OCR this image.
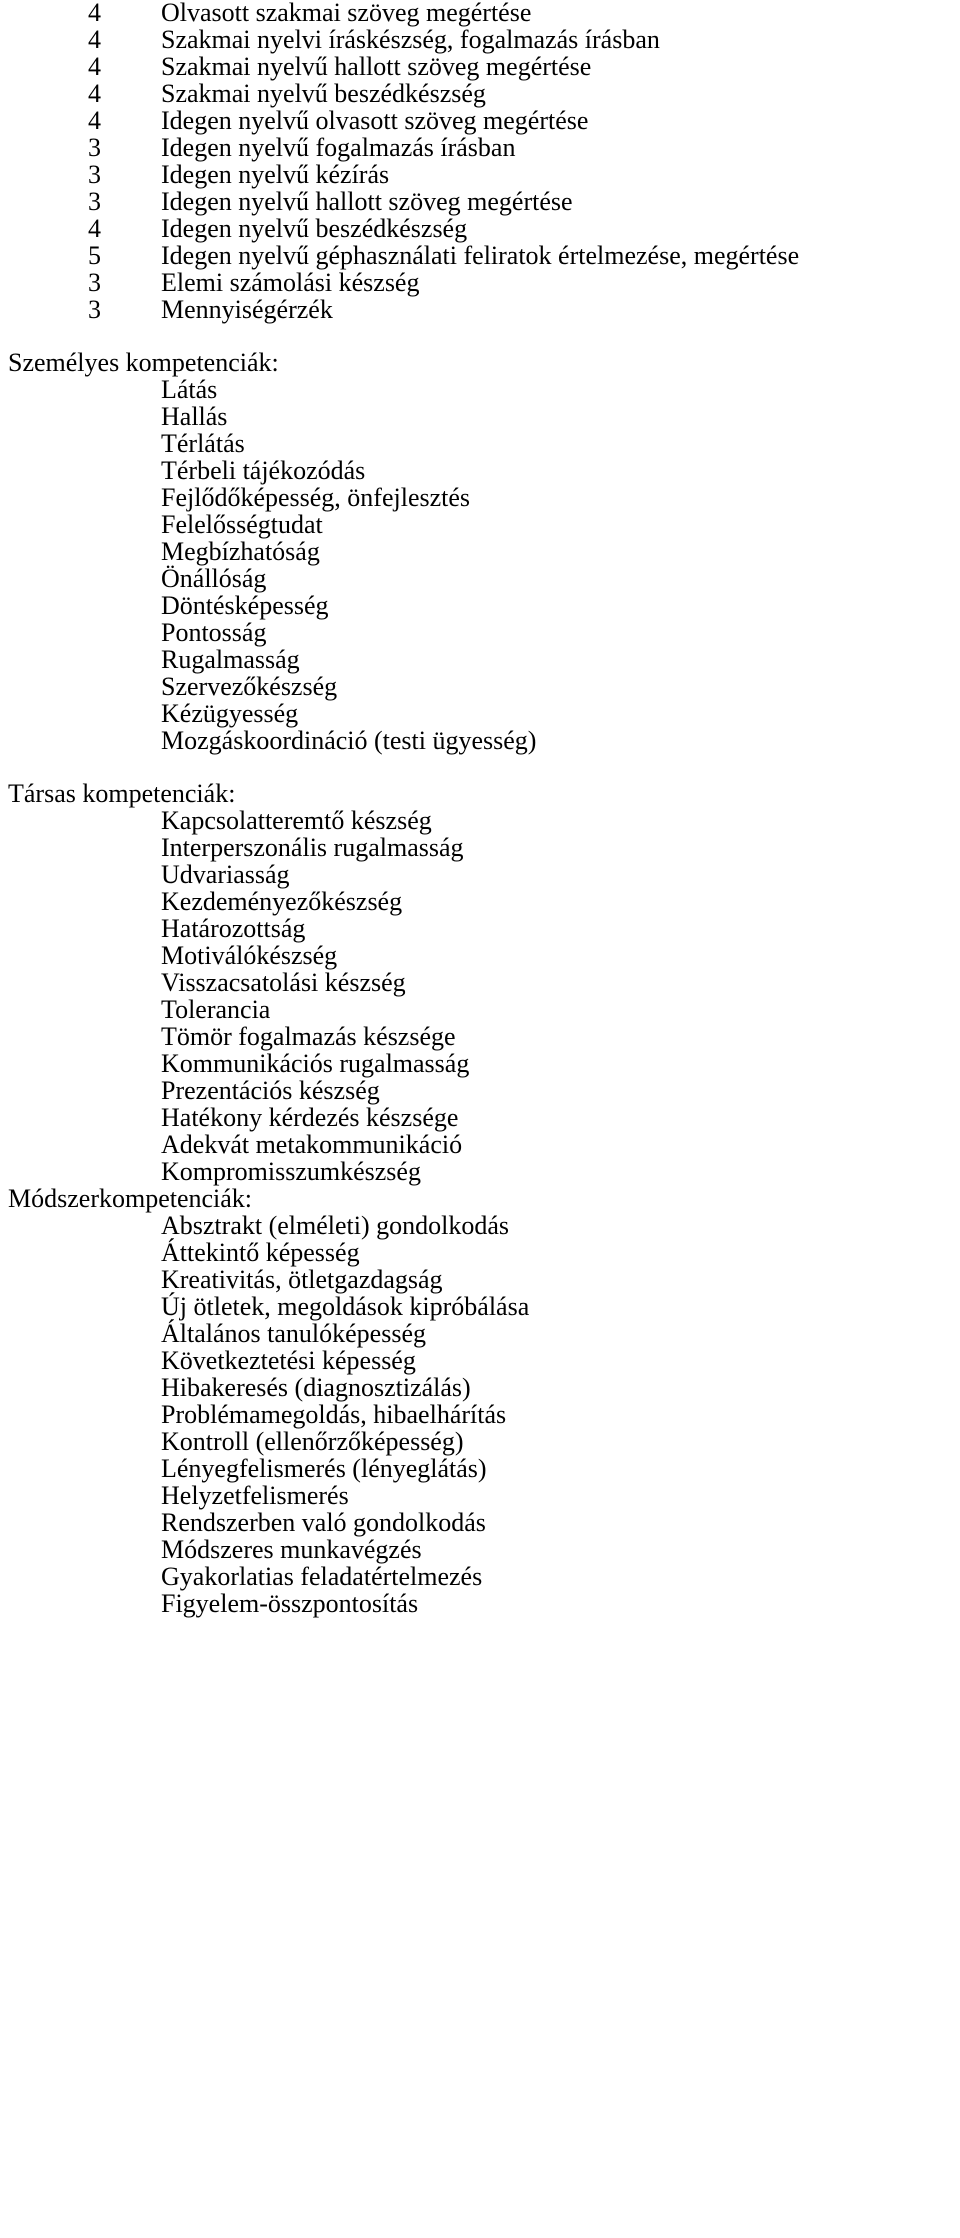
4 Olvasott szakmai szöveg megértése
4 Szakmai nyelvi íráskészség, fogalmazás írásban
4 Szakmai nyelvű hallott szöveg megértése
4 Szakmai nyelvű beszédkészség
4 Idegen nyelvű olvasott szöveg megértése
3 Idegen nyelvű fogalmazás írásban
3 Idegen nyelvű kézírás
3 Idegen nyelvű hallott szöveg megértése
4 Idegen nyelvű beszédkészség
5 Idegen nyelvű géphasználati feliratok értelmezése, megértése
3 Elemi számolási készség
3 Mennyiségérzék
Személyes kompetenciák:
Látás
Hallás
Térlátás
Térbeli tájékozódás
Fejlődőképesség, önfejlesztés
Felelősségtudat
Megbízhatóság
Önállóság
Döntésképesség
Pontosság
Rugalmasság
Szervezőkészség
Kézügyesség
Mozgáskoordináció (testi ügyesség)
Társas kompetenciák:
Kapcsolatteremtő készség
Interperszonális rugalmasság
Udvariasság
Kezdeményezőkészség
Határozottság
Motiválókészség
Visszacsatolási készség
Tolerancia
Tömör fogalmazás készsége
Kommunikációs rugalmasság
Prezentációs készség
Hatékony kérdezés készsége
Adekvát metakommunikáció
Kompromisszumkészség
Módszerkompetenciák:
Absztrakt (elméleti) gondolkodás
Áttekintő képesség
Kreativitás, ötletgazdagság
Új ötletek, megoldások kipróbálása
Általános tanulóképesség
Következtetési képesség
Hibakeresés (diagnosztizálás)
Problémamegoldás, hibaelhárítás
Kontroll (ellenőrzőképesség)
Lényegfelismerés (lényeglátás)
Helyzetfelismerés
Rendszerben való gondolkodás
Módszeres munkavégzés
Gyakorlatias feladatértelmezés
Figyelem-összpontosítás
